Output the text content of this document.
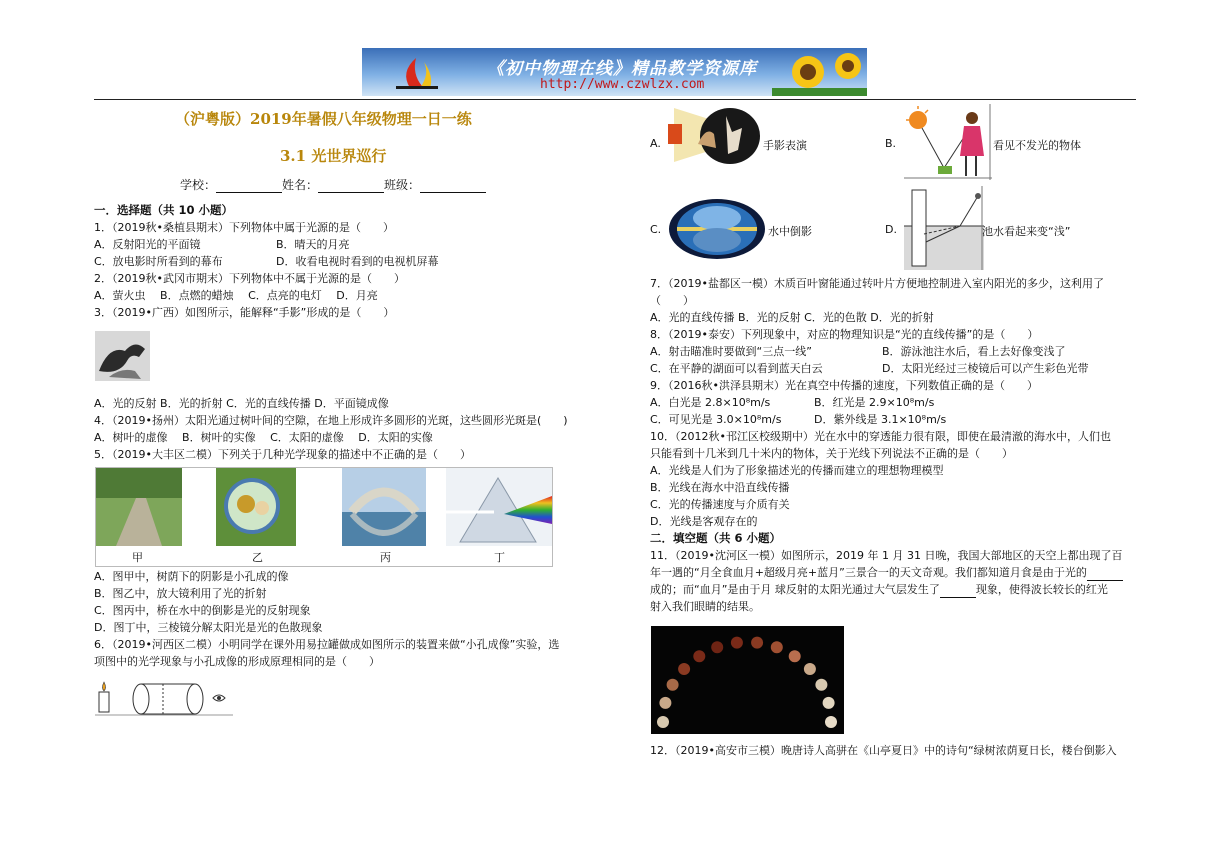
《初中物理在线》精品教学资源库
http://www.czwlzx.com
（沪粤版）2019年暑假八年级物理一日一练
3.1 光世界巡行
学校：	姓名：	班级：
一．选择题（共 10 小题）
1．（2019秋•桑植县期末）下列物体中属于光源的是（　　）
A．反射阳光的平面镜	B．晴天的月亮
C．放电影时所看到的幕布	D．收看电视时看到的电视机屏幕
2．（2019秋•武冈市期末）下列物体中不属于光源的是（　　）
A．萤火虫　 B．点燃的蜡烛　 C．点亮的电灯　 D．月亮
3．（2019•广西）如图所示，能解释“手影”形成的是（　　）
A．光的反射 B．光的折射 C．光的直线传播 D．平面镜成像
4．（2019•扬州）太阳光通过树叶间的空隙，在地上形成许多圆形的光斑，这些圆形光斑是(　　)
A．树叶的虚像　 B．树叶的实像　 C．太阳的虚像　 D．太阳的实像
5．（2019•大丰区二模）下列关于几种光学现象的描述中不正确的是（　　）
甲	乙	丙	丁
A．图甲中，树荫下的阴影是小孔成的像
B．图乙中，放大镜利用了光的折射
C．图丙中，桥在水中的倒影是光的反射现象
D．图丁中，三棱镜分解太阳光是光的色散现象
6．（2019•河西区二模）小明同学在课外用易拉罐做成如图所示的装置来做“小孔成像”实验，选
项图中的光学现象与小孔成像的形成原理相同的是（　　）
A.	手影表演	B.	看见不发光的物体
C.	水中倒影	D.	池水看起来变“浅”
7．（2019•盐都区一模）木质百叶窗能通过转叶片方便地控制进入室内阳光的多少，这利用了
（　　）
A．光的直线传播 B．光的反射 C．光的色散 D．光的折射
8．（2019•泰安）下列现象中，对应的物理知识是“光的直线传播”的是（　　）
A．射击瞄准时要做到“三点一线”	B．游泳池注水后，看上去好像变浅了
C．在平静的湖面可以看到蓝天白云	D．太阳光经过三棱镜后可以产生彩色光带
9．（2016秋•洪泽县期末）光在真空中传播的速度，下列数值正确的是（　　）
A．白光是 2.8×10⁸m/s	B．红光是 2.9×10⁸m/s
C．可见光是 3.0×10⁸m/s	D．紫外线是 3.1×10⁸m/s
10．（2012秋•邗江区校级期中）光在水中的穿透能力很有限，即使在最清澈的海水中，人们也
只能看到十几米到几十米内的物体，关于光线下列说法不正确的是（　　）
A．光线是人们为了形象描述光的传播而建立的理想物理模型
B．光线在海水中沿直线传播
C．光的传播速度与介质有关
D．光线是客观存在的
二．填空题（共 6 小题）
11．（2019•沈河区一模）如图所示，2019 年 1 月 31 日晚，我国大部地区的天空上都出现了百
年一遇的“月全食血月+超级月亮+蓝月”三景合一的天文奇观。我们都知道月食是由于光的
成的；而“血月”是由于月 球反射的太阳光通过大气层发生了	现象，使得波长较长的红光
射入我们眼睛的结果。
12．（2019•高安市三模）晚唐诗人高骈在《山亭夏日》中的诗句“绿树浓荫夏日长，楼台倒影入
